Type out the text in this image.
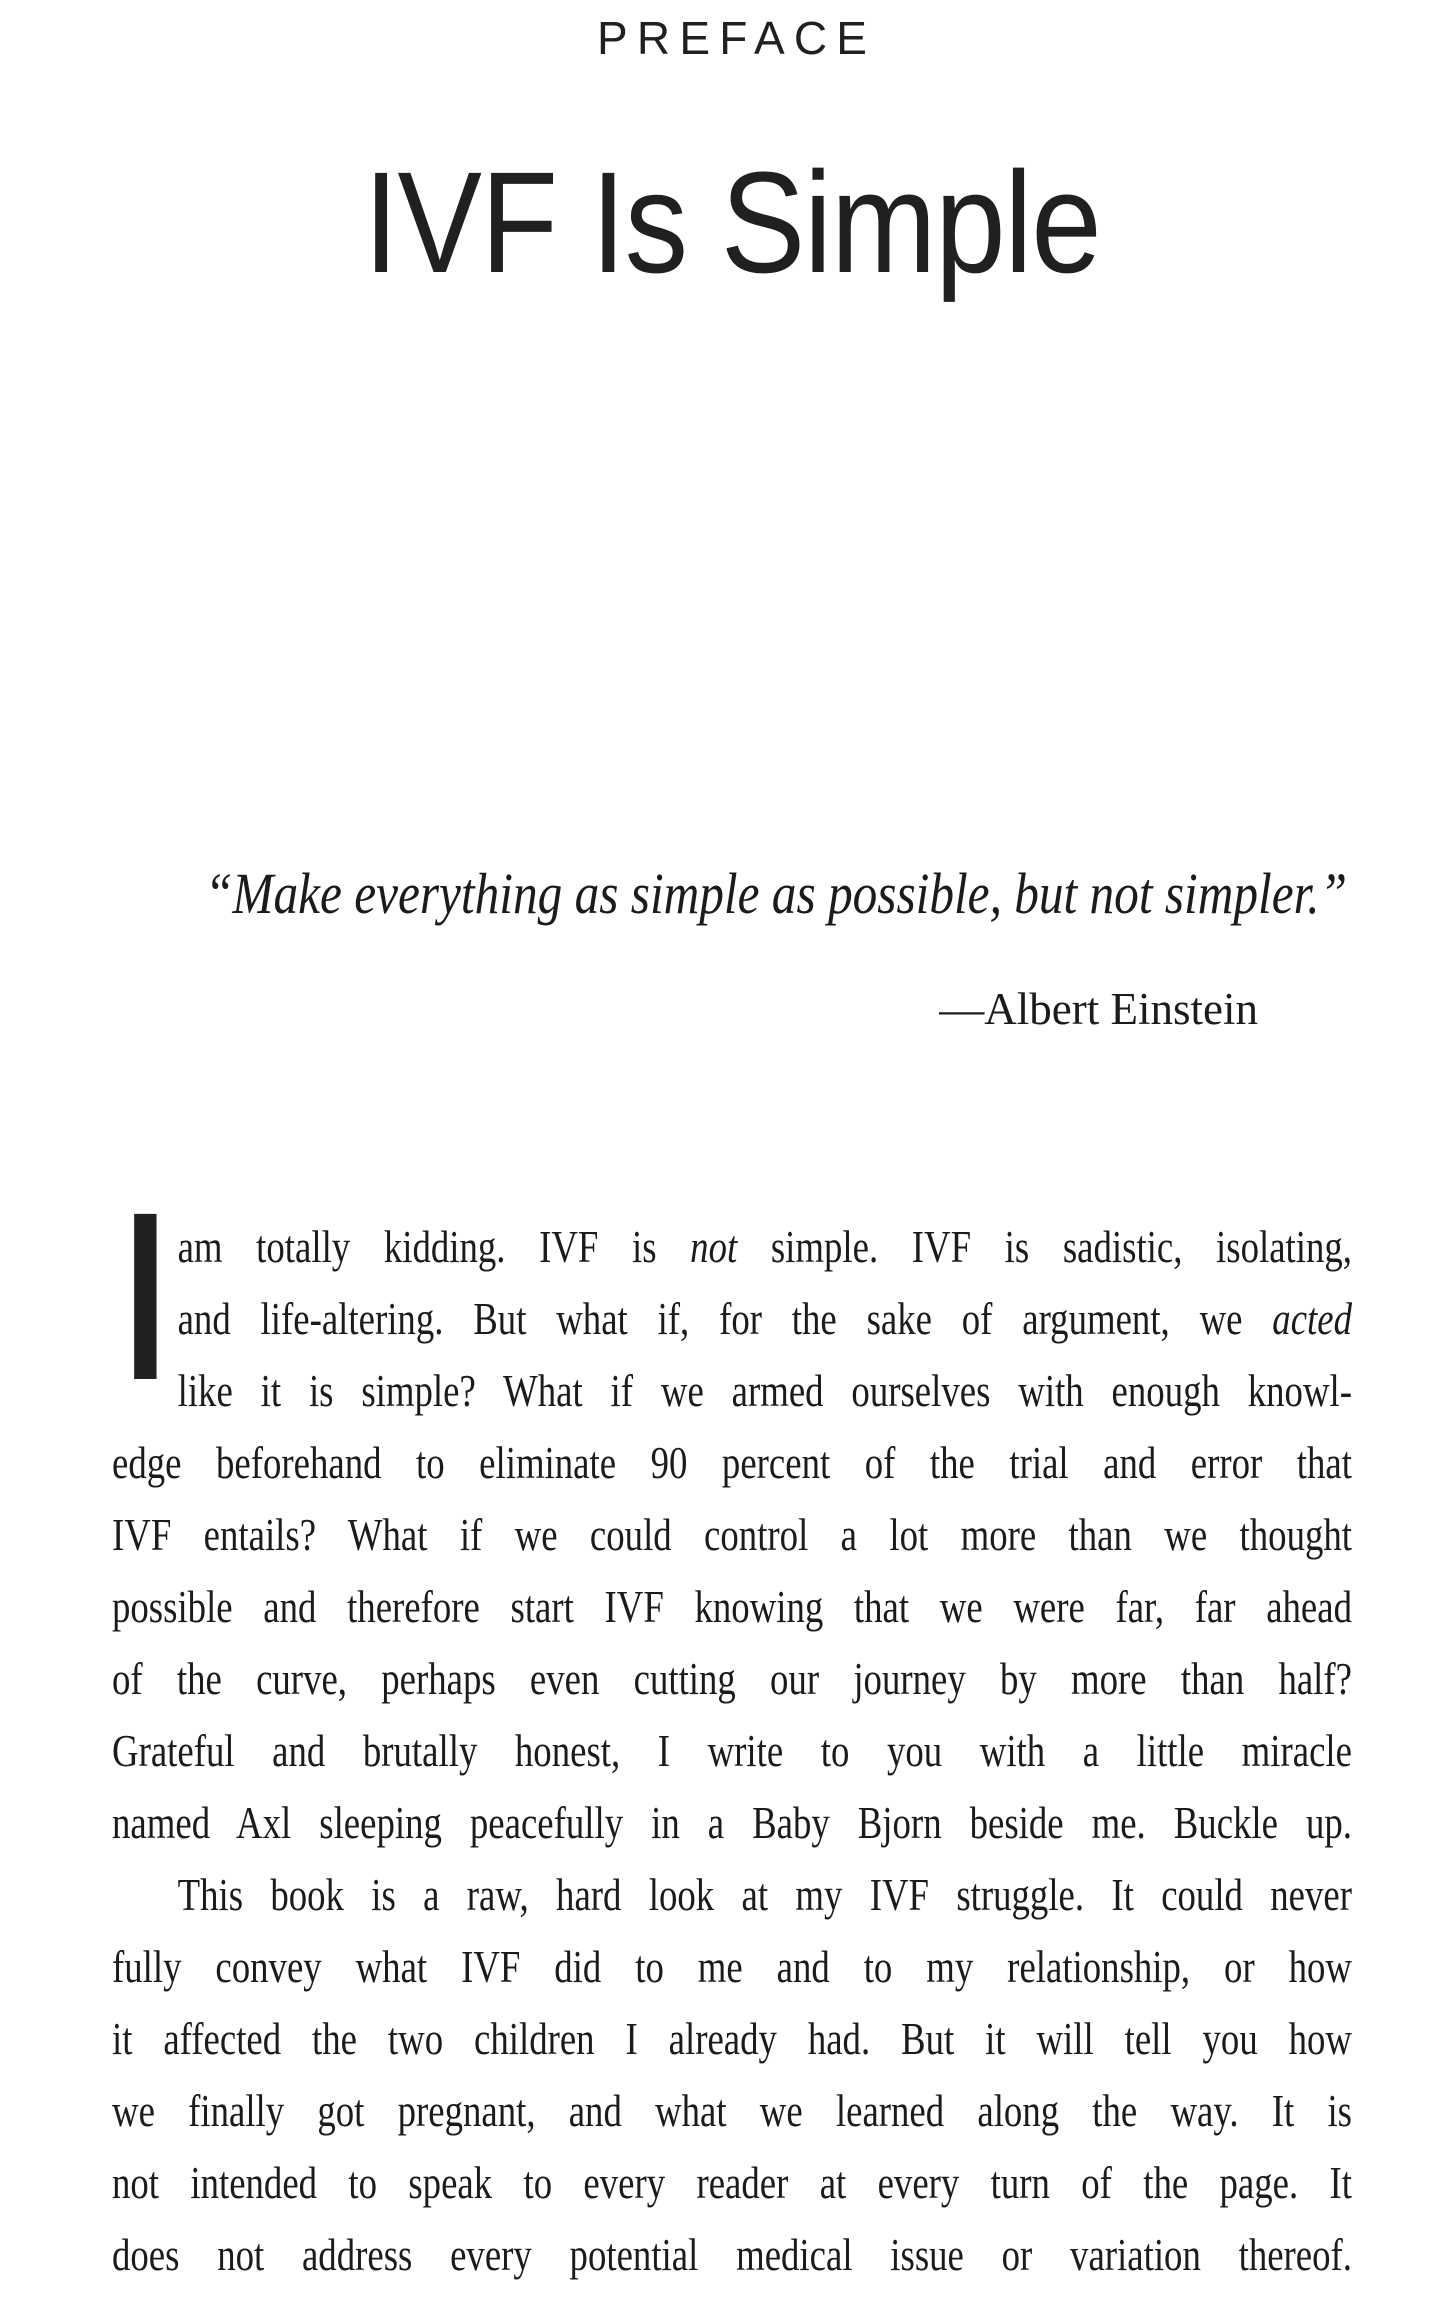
PREFACE
IVF Is Simple
“Make everything as simple as possible, but not simpler.”
—Albert Einstein
I
am totally kidding. IVF is not simple. IVF is sadistic, isolating,
and life-altering. But what if, for the sake of argument, we acted
like it is simple? What if we armed ourselves with enough knowl-
edge beforehand to eliminate 90 percent of the trial and error that
IVF entails? What if we could control a lot more than we thought
possible and therefore start IVF knowing that we were far, far ahead
of the curve, perhaps even cutting our journey by more than half?
Grateful and brutally honest, I write to you with a little miracle
named Axl sleeping peacefully in a Baby Bjorn beside me. Buckle up.
This book is a raw, hard look at my IVF struggle. It could never
fully convey what IVF did to me and to my relationship, or how
it affected the two children I already had. But it will tell you how
we finally got pregnant, and what we learned along the way. It is
not intended to speak to every reader at every turn of the page. It
does not address every potential medical issue or variation thereof.
